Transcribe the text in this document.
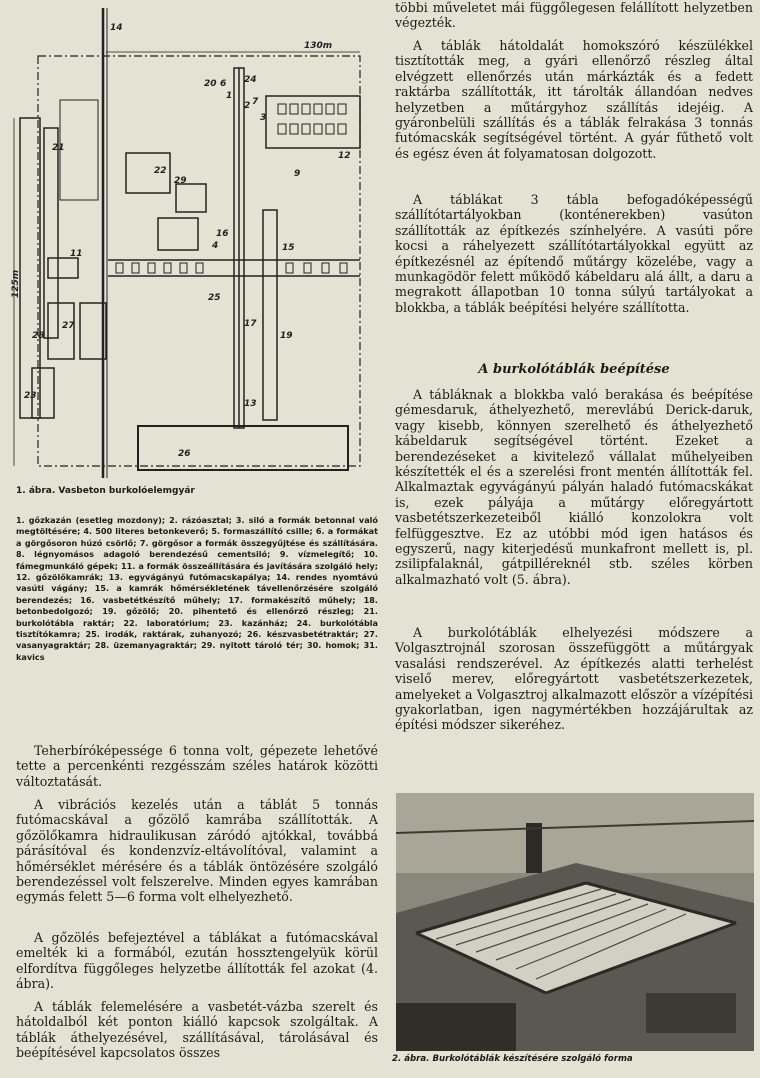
130m
125m
20 6 24
14
21
12
9
22
29
16
15
11
25
17
19
28
27
23
13
26
1
2
3
4
7
1. ábra. Vasbeton burkolóelemgyár
1. gőzkazán (esetleg mozdony); 2. rázóasztal; 3. siló a formák betonnal való megtöltésére; 4. 500 literes betonkeverő; 5. formaszállító csille; 6. a formákat a görgősoron húzó csörlő; 7. görgősor a formák összegyűjtése és szállítására. 8. légnyomásos adagoló berendezésű cementsiló; 9. vízmelegítő; 10. fámegmunkáló gépek; 11. a formák összeállítására és javítására szolgáló hely; 12. gőzölőkamrák; 13. egyvágányú futómacskapálya; 14. rendes nyomtávú vasúti vágány; 15. a kamrák hőmérsékletének távellenőrzésére szolgáló berendezés; 16. vasbetétkészítő műhely; 17. formakészítő műhely; 18. betonbedolgozó; 19. gőzölő; 20. pihentető és ellenőrző részleg; 21. burkolótábla raktár; 22. laboratórium; 23. kazánház; 24. burkolótábla tisztítókamra; 25. irodák, raktárak, zuhanyozó; 26. készvasbetétraktár; 27. vasanyagraktár; 28. üzemanyagraktár; 29. nyitott tároló tér; 30. homok; 31. kavics

Teherbíróképessége 6 tonna volt, gépezete lehetővé tette a percenkénti rezgésszám széles határok közötti változtatását.

A vibrációs kezelés után a táblát 5 tonnás futómacskával a gőzölő kamrába szállították. A gőzölőkamra hidraulikusan záródó ajtókkal, továbbá párásítóval és kondenzvíz-eltávolítóval, valamint a hőmérséklet mérésére és a táblák öntözésére szolgáló berendezéssel volt felszerelve. Minden egyes kamrában egymás felett 5—6 forma volt elhelyezhető.

A gőzölés befejeztével a táblákat a futómacskával emelték ki a formából, ezután hossztengelyük körül elfordítva függőleges helyzetbe állították fel azokat (4. ábra).

A táblák felemelésére a vasbetét-vázba szerelt és hátoldalból két ponton kiálló kapcsok szolgáltak. A táblák áthelyezésével, szállításával, tárolásával és beépítésével kapcsolatos összes

többi műveletet mái függőlegesen felállított helyzetben végezték.

A táblák hátoldalát homokszóró készülékkel tisztították meg, a gyári ellenőrző részleg által elvégzett ellenőrzés után márkázták és a fedett raktárba szállították, itt tárolták állandóan nedves helyzetben a műtárgyhoz szállítás idejéig. A gyáronbelüli szállítás és a táblák felrakása 3 tonnás futómacskák segítségével történt. A gyár fűthető volt és egész éven át folyamatosan dolgozott.

A táblákat 3 tábla befogadóképességű szállítótartályokban (konténerekben) vasúton szállították az építkezés színhelyére. A vasúti pőre kocsi a ráhelyezett szállítótartályokkal együtt az építkezésnél az építendő műtárgy közelébe, vagy a munkagödör felett működő kábeldaru alá állt, a daru a megrakott állapotban 10 tonna súlyú tartályokat a blokkba, a táblák beépítési helyére szállította.

A burkolótáblák beépítése

A tábláknak a blokkba való berakása és beépítése gémesdaruk, áthelyezhető, merevlábú Derick-daruk, vagy kisebb, könnyen szerelhető és áthelyezhető kábeldaruk segítségével történt. Ezeket a berendezéseket a kivitelező vállalat műhelyeiben készítették el és a szerelési front mentén állították fel. Alkalmaztak egyvágányú pályán haladó futómacskákat is, ezek pályája a műtárgy előregyártott vasbetétszerkezeteiből kiálló konzolokra volt felfüggesztve. Ez az utóbbi mód igen hatásos és egyszerű, nagy kiterjedésű munkafront mellett is, pl. zsilipfalaknál, gátpilléreknél stb. széles körben alkalmazható volt (5. ábra).

A burkolótáblák elhelyezési módszere a Volgasztrojnál szorosan összefüggött a műtárgyak vasalási rendszerével. Az építkezés alatti terhelést viselő merev, előregyártott vasbetétszerkezetek, amelyeket a Volgasztroj alkalmazott először a vízépítési gyakorlatban, igen nagymértékben hozzájárultak az építési módszer sikeréhez.

2. ábra. Burkolótáblák készítésére szolgáló forma
